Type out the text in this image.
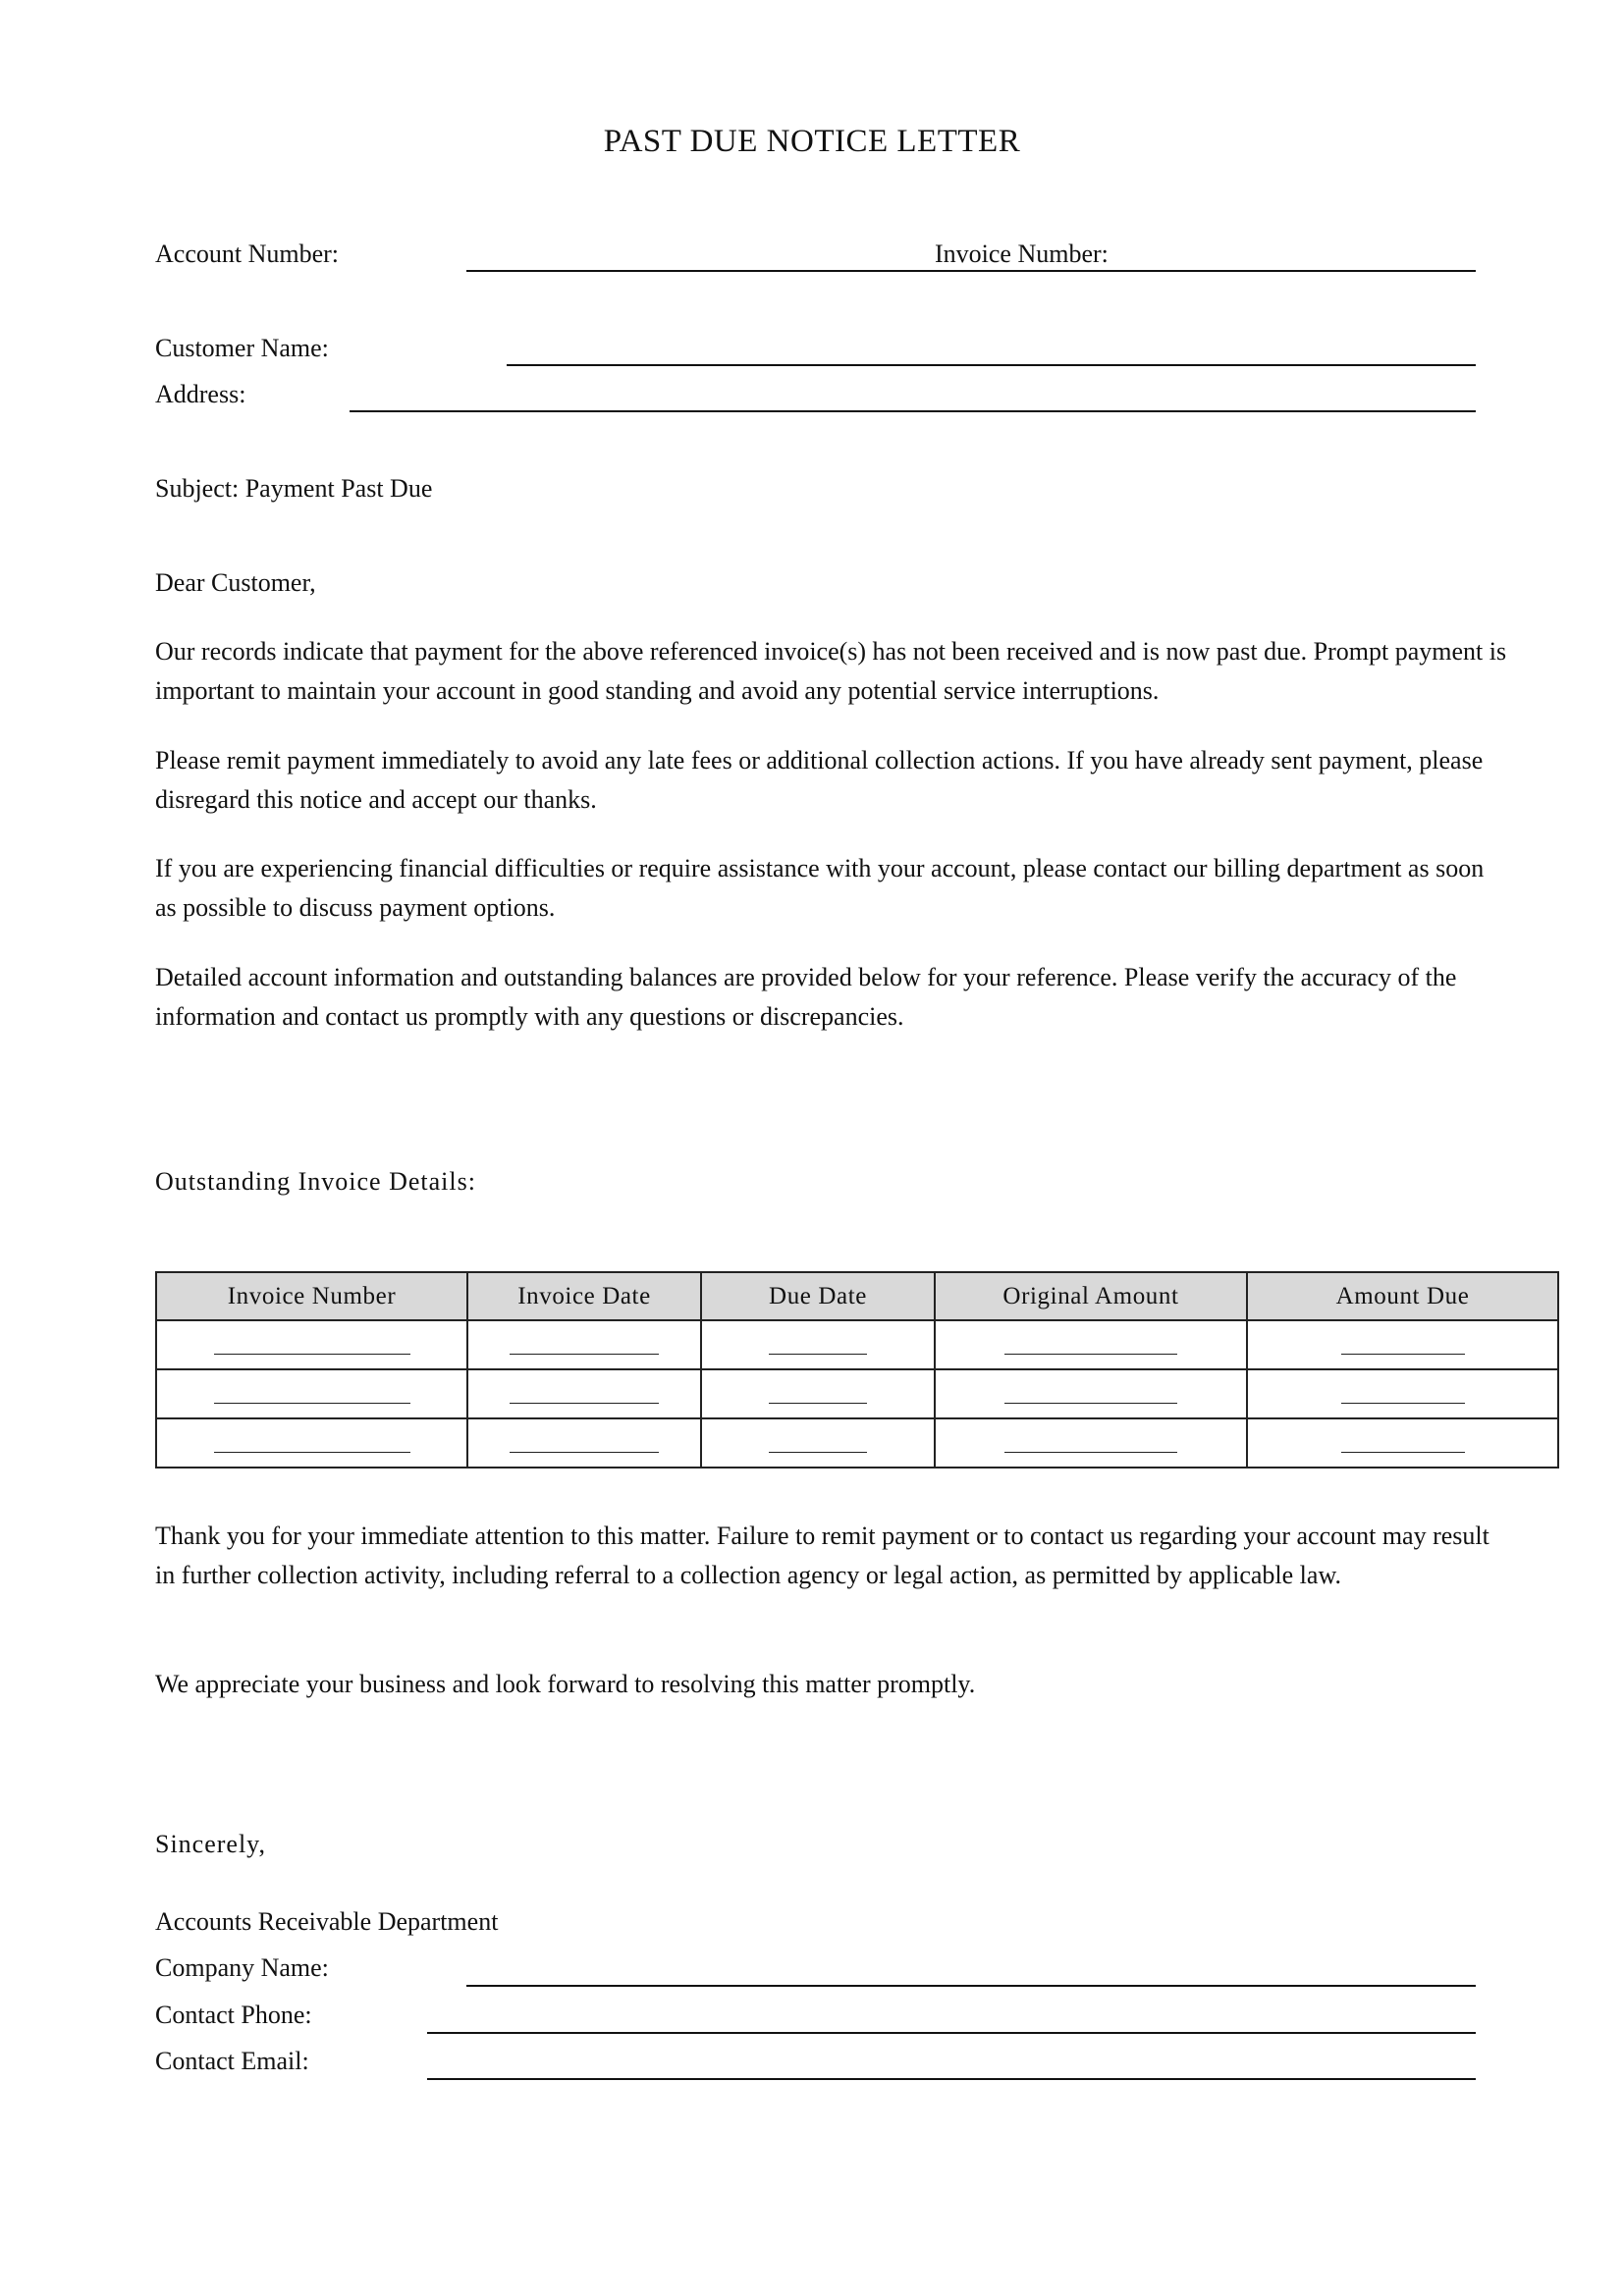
PAST DUE NOTICE LETTER
Account Number:	Invoice Number:
Customer Name:
Address:
Subject: Payment Past Due
Dear Customer,
Our records indicate that payment for the above referenced invoice(s) has not been received and is now past due. Prompt payment is important to maintain your account in good standing and avoid any potential service interruptions.
Please remit payment immediately to avoid any late fees or additional collection actions. If you have already sent payment, please disregard this notice and accept our thanks.
If you are experiencing financial difficulties or require assistance with your account, please contact our billing department as soon as possible to discuss payment options.
Detailed account information and outstanding balances are provided below for your reference. Please verify the accuracy of the information and contact us promptly with any questions or discrepancies.
Outstanding Invoice Details:
Invoice Number	Invoice Date	Due Date	Original Amount	Amount Due

Thank you for your immediate attention to this matter. Failure to remit payment or to contact us regarding your account may result in further collection activity, including referral to a collection agency or legal action, as permitted by applicable law.
We appreciate your business and look forward to resolving this matter promptly.
Sincerely,
Accounts Receivable Department
Company Name:
Contact Phone:
Contact Email:
